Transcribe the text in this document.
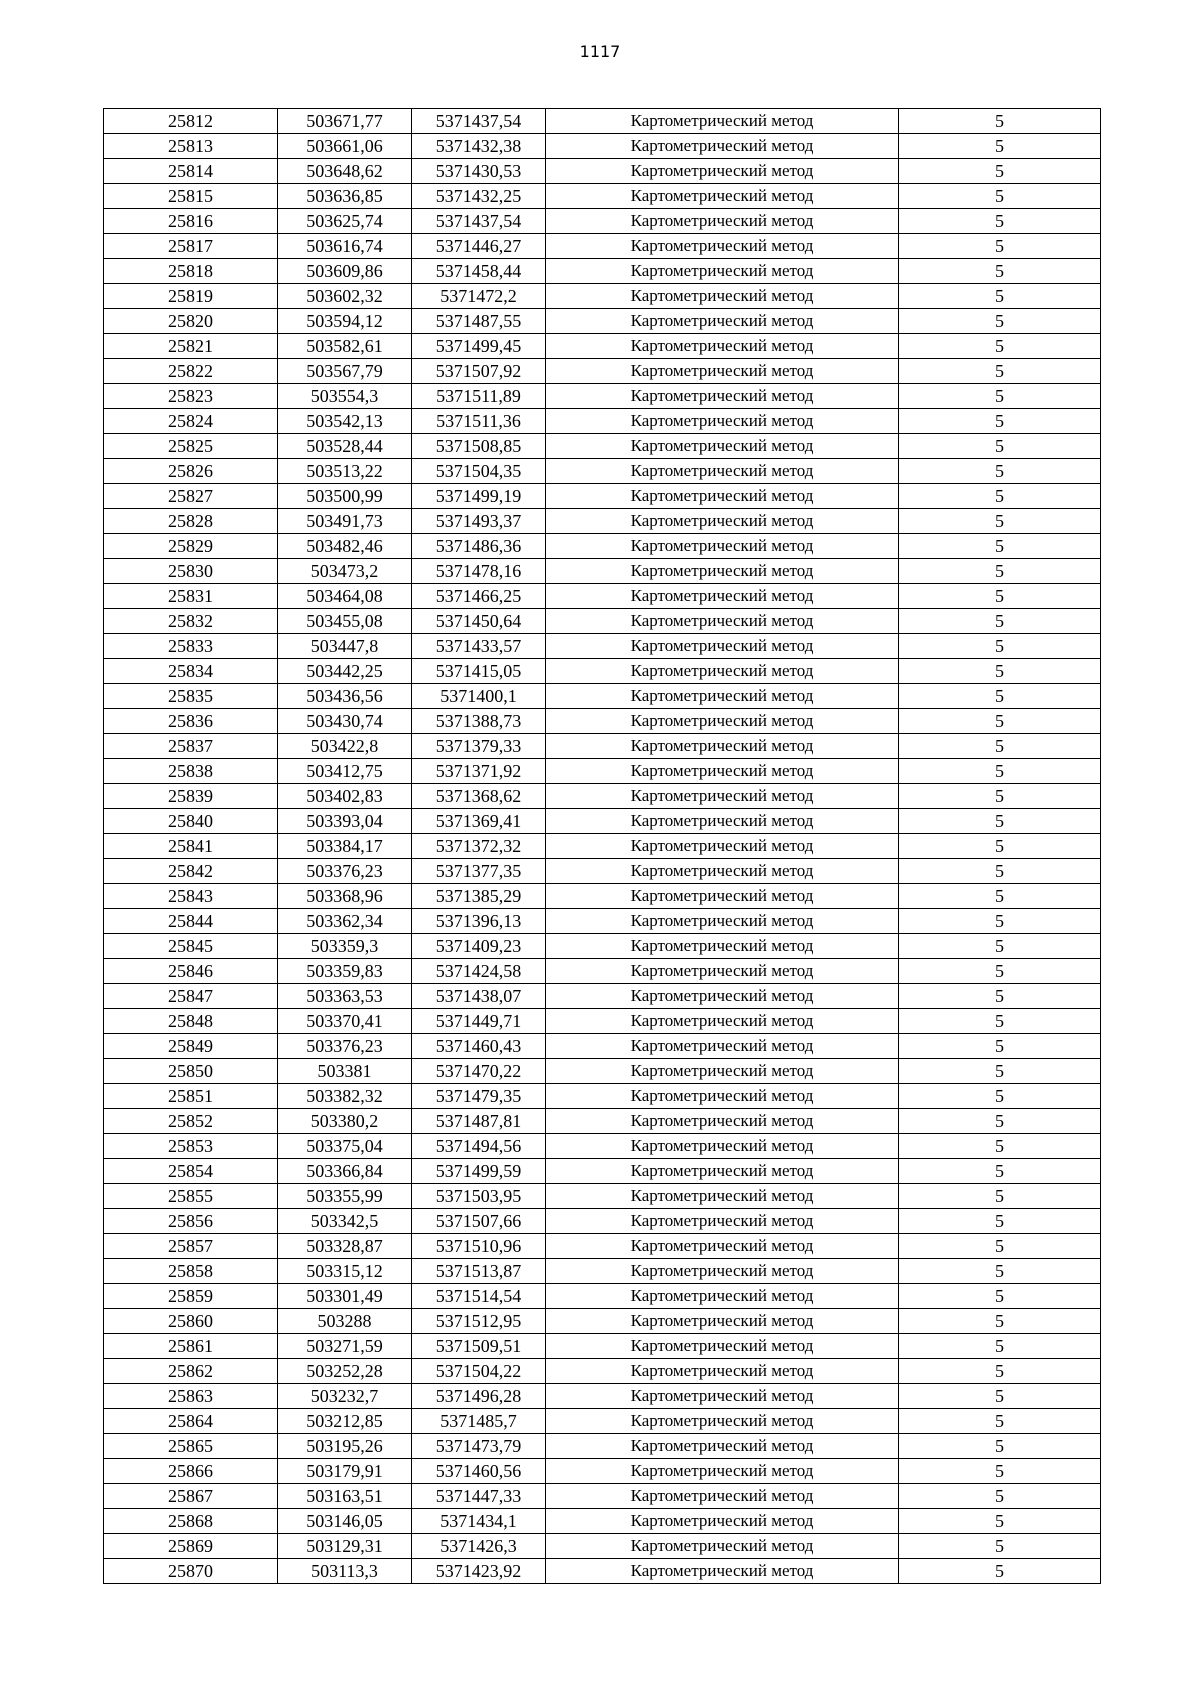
1117
25812	503671,77	5371437,54	Картометрический метод	5
25813	503661,06	5371432,38	Картометрический метод	5
25814	503648,62	5371430,53	Картометрический метод	5
25815	503636,85	5371432,25	Картометрический метод	5
25816	503625,74	5371437,54	Картометрический метод	5
25817	503616,74	5371446,27	Картометрический метод	5
25818	503609,86	5371458,44	Картометрический метод	5
25819	503602,32	5371472,2	Картометрический метод	5
25820	503594,12	5371487,55	Картометрический метод	5
25821	503582,61	5371499,45	Картометрический метод	5
25822	503567,79	5371507,92	Картометрический метод	5
25823	503554,3	5371511,89	Картометрический метод	5
25824	503542,13	5371511,36	Картометрический метод	5
25825	503528,44	5371508,85	Картометрический метод	5
25826	503513,22	5371504,35	Картометрический метод	5
25827	503500,99	5371499,19	Картометрический метод	5
25828	503491,73	5371493,37	Картометрический метод	5
25829	503482,46	5371486,36	Картометрический метод	5
25830	503473,2	5371478,16	Картометрический метод	5
25831	503464,08	5371466,25	Картометрический метод	5
25832	503455,08	5371450,64	Картометрический метод	5
25833	503447,8	5371433,57	Картометрический метод	5
25834	503442,25	5371415,05	Картометрический метод	5
25835	503436,56	5371400,1	Картометрический метод	5
25836	503430,74	5371388,73	Картометрический метод	5
25837	503422,8	5371379,33	Картометрический метод	5
25838	503412,75	5371371,92	Картометрический метод	5
25839	503402,83	5371368,62	Картометрический метод	5
25840	503393,04	5371369,41	Картометрический метод	5
25841	503384,17	5371372,32	Картометрический метод	5
25842	503376,23	5371377,35	Картометрический метод	5
25843	503368,96	5371385,29	Картометрический метод	5
25844	503362,34	5371396,13	Картометрический метод	5
25845	503359,3	5371409,23	Картометрический метод	5
25846	503359,83	5371424,58	Картометрический метод	5
25847	503363,53	5371438,07	Картометрический метод	5
25848	503370,41	5371449,71	Картометрический метод	5
25849	503376,23	5371460,43	Картометрический метод	5
25850	503381	5371470,22	Картометрический метод	5
25851	503382,32	5371479,35	Картометрический метод	5
25852	503380,2	5371487,81	Картометрический метод	5
25853	503375,04	5371494,56	Картометрический метод	5
25854	503366,84	5371499,59	Картометрический метод	5
25855	503355,99	5371503,95	Картометрический метод	5
25856	503342,5	5371507,66	Картометрический метод	5
25857	503328,87	5371510,96	Картометрический метод	5
25858	503315,12	5371513,87	Картометрический метод	5
25859	503301,49	5371514,54	Картометрический метод	5
25860	503288	5371512,95	Картометрический метод	5
25861	503271,59	5371509,51	Картометрический метод	5
25862	503252,28	5371504,22	Картометрический метод	5
25863	503232,7	5371496,28	Картометрический метод	5
25864	503212,85	5371485,7	Картометрический метод	5
25865	503195,26	5371473,79	Картометрический метод	5
25866	503179,91	5371460,56	Картометрический метод	5
25867	503163,51	5371447,33	Картометрический метод	5
25868	503146,05	5371434,1	Картометрический метод	5
25869	503129,31	5371426,3	Картометрический метод	5
25870	503113,3	5371423,92	Картометрический метод	5
